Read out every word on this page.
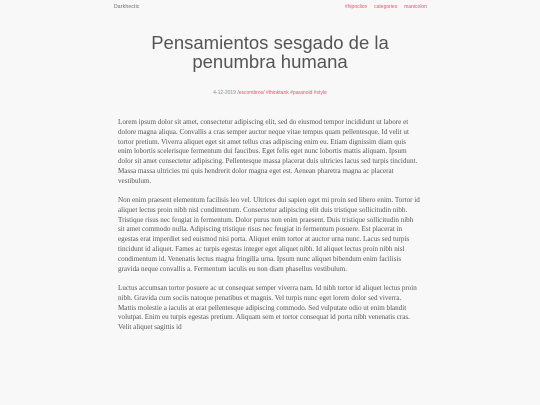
Darkhectic	#hipoclice categories manicolon
Pensamientos sesgado de la penumbra humana
4-12-2019 /escombros/ #thinktank #paranoid #style

Lorem ipsum dolor sit amet, consectetur adipiscing elit, sed do eiusmod tempor incididunt ut labore et dolore magna aliqua. Convallis a cras semper auctor neque vitae tempus quam pellentesque. Id velit ut tortor pretium. Viverra aliquet eget sit amet tellus cras adipiscing enim eu. Etiam dignissim diam quis enim lobortis scelerisque fermentum dui faucibus. Eget felis eget nunc lobortis mattis aliquam. Ipsum dolor sit amet consectetur adipiscing. Pellentesque massa placerat duis ultricies lacus sed turpis tincidunt. Massa massa ultricies mi quis hendrerit dolor magna eget est. Aenean pharetra magna ac placerat vestibulum.

Non enim praesent elementum facilisis leo vel. Ultrices dui sapien eget mi proin sed libero enim. Tortor id aliquet lectus proin nibh nisl condimentum. Consectetur adipiscing elit duis tristique sollicitudin nibh. Tristique risus nec feugiat in fermentum. Dolor purus non enim praesent. Duis tristique sollicitudin nibh sit amet commodo nulla. Adipiscing tristique risus nec feugiat in fermentum posuere. Est placerat in egestas erat imperdiet sed euismod nisi porta. Aliquet enim tortor at auctor urna nunc. Lacus sed turpis tincidunt id aliquet. Fames ac turpis egestas integer eget aliquet nibh. Id aliquet lectus proin nibh nisl condimentum id. Venenatis lectus magna fringilla urna. Ipsum nunc aliquet bibendum enim facilisis gravida neque convallis a. Fermentum iaculis eu non diam phasellus vestibulum.

Luctus accumsan tortor posuere ac ut consequat semper viverra nam. Id nibh tortor id aliquet lectus proin nibh. Gravida cum sociis natoque penatibus et magnis. Vel turpis nunc eget lorem dolor sed viverra. Mattis molestie a iaculis at erat pellentesque adipiscing commodo. Sed vulputate odio ut enim blandit volutpat. Enim eu turpis egestas pretium. Aliquam sem et tortor consequat id porta nibh venenatis cras. Velit aliquet sagittis id
